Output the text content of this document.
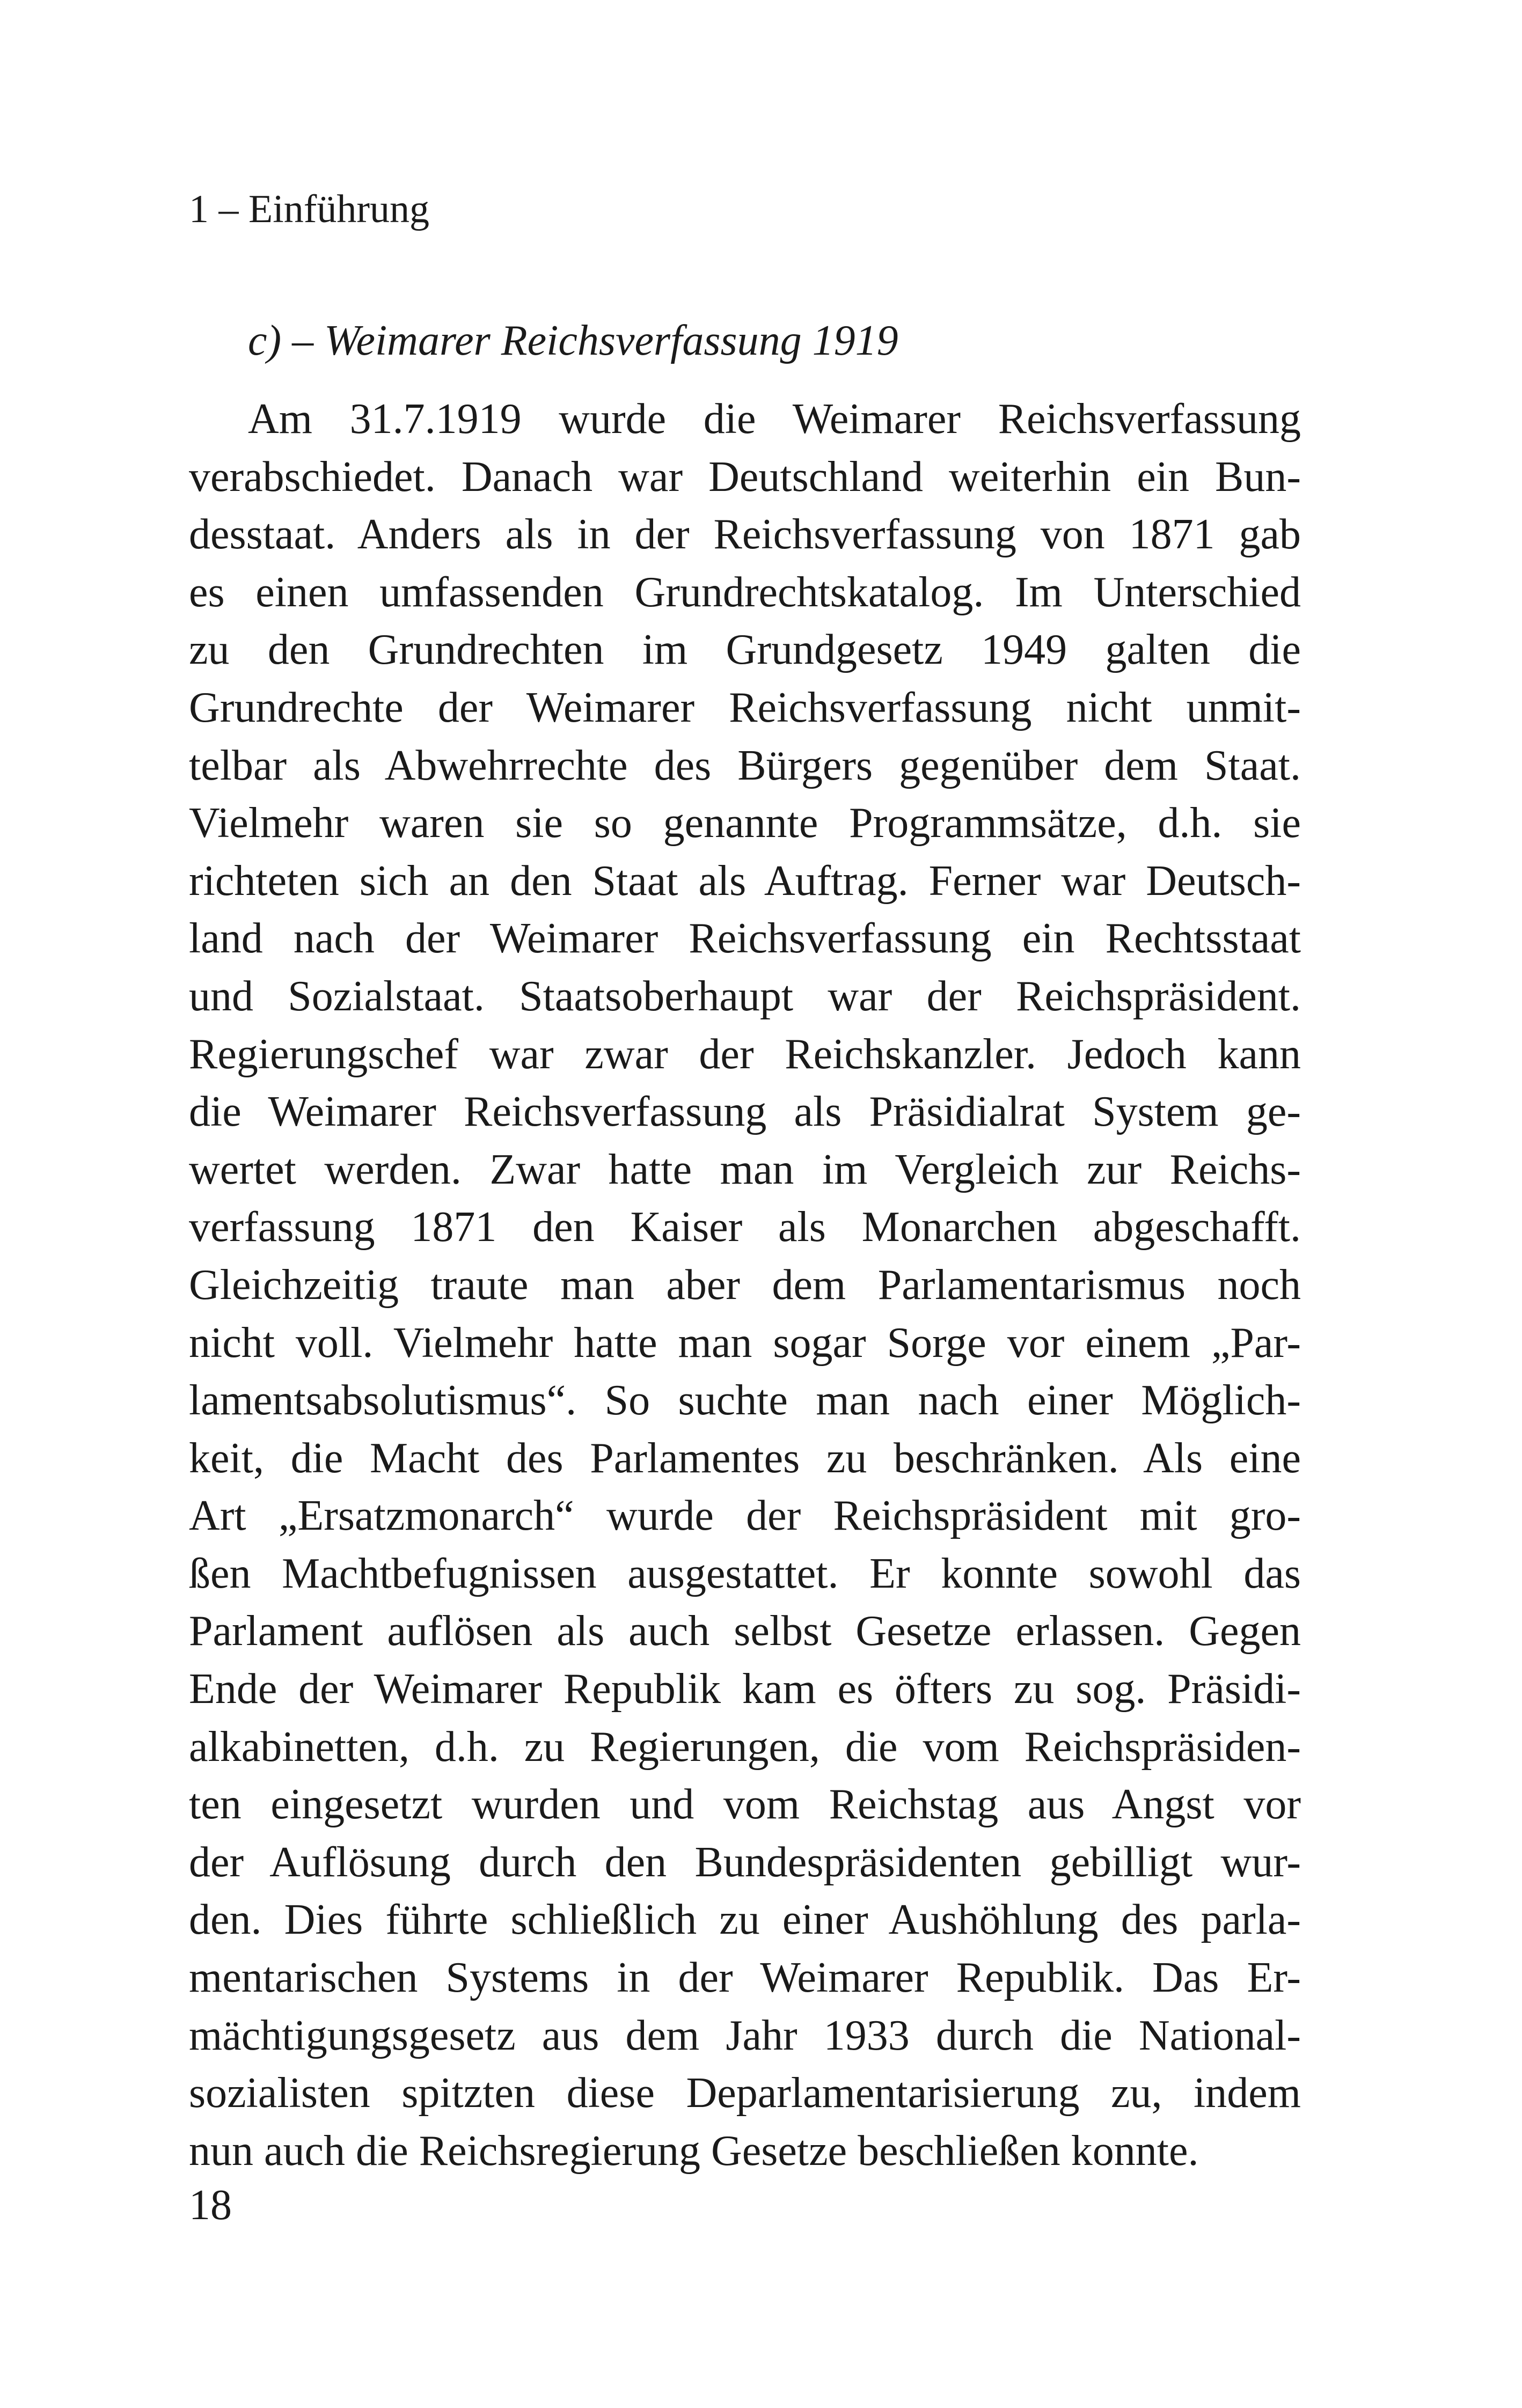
1 – Einführung
c) – Weimarer Reichsverfassung 1919
Am 31.7.1919 wurde die Weimarer Reichsverfassung
verabschiedet. Danach war Deutschland weiterhin ein Bun-
desstaat. Anders als in der Reichsverfassung von 1871 gab
es einen umfassenden Grundrechtskatalog. Im Unterschied
zu den Grundrechten im Grundgesetz 1949 galten die
Grundrechte der Weimarer Reichsverfassung nicht unmit-
telbar als Abwehrrechte des Bürgers gegenüber dem Staat.
Vielmehr waren sie so genannte Programmsätze, d.h. sie
richteten sich an den Staat als Auftrag. Ferner war Deutsch-
land nach der Weimarer Reichsverfassung ein Rechtsstaat
und Sozialstaat. Staatsoberhaupt war der Reichspräsident.
Regierungschef war zwar der Reichskanzler. Jedoch kann
die Weimarer Reichsverfassung als Präsidialrat System ge-
wertet werden. Zwar hatte man im Vergleich zur Reichs-
verfassung 1871 den Kaiser als Monarchen abgeschafft.
Gleichzeitig traute man aber dem Parlamentarismus noch
nicht voll. Vielmehr hatte man sogar Sorge vor einem „Par-
lamentsabsolutismus“. So suchte man nach einer Möglich-
keit, die Macht des Parlamentes zu beschränken. Als eine
Art „Ersatzmonarch“ wurde der Reichspräsident mit gro-
ßen Machtbefugnissen ausgestattet. Er konnte sowohl das
Parlament auflösen als auch selbst Gesetze erlassen. Gegen
Ende der Weimarer Republik kam es öfters zu sog. Präsidi-
alkabinetten, d.h. zu Regierungen, die vom Reichspräsiden-
ten eingesetzt wurden und vom Reichstag aus Angst vor
der Auflösung durch den Bundespräsidenten gebilligt wur-
den. Dies führte schließlich zu einer Aushöhlung des parla-
mentarischen Systems in der Weimarer Republik. Das Er-
mächtigungsgesetz aus dem Jahr 1933 durch die National-
sozialisten spitzten diese Deparlamentarisierung zu, indem
nun auch die Reichsregierung Gesetze beschließen konnte.
18
